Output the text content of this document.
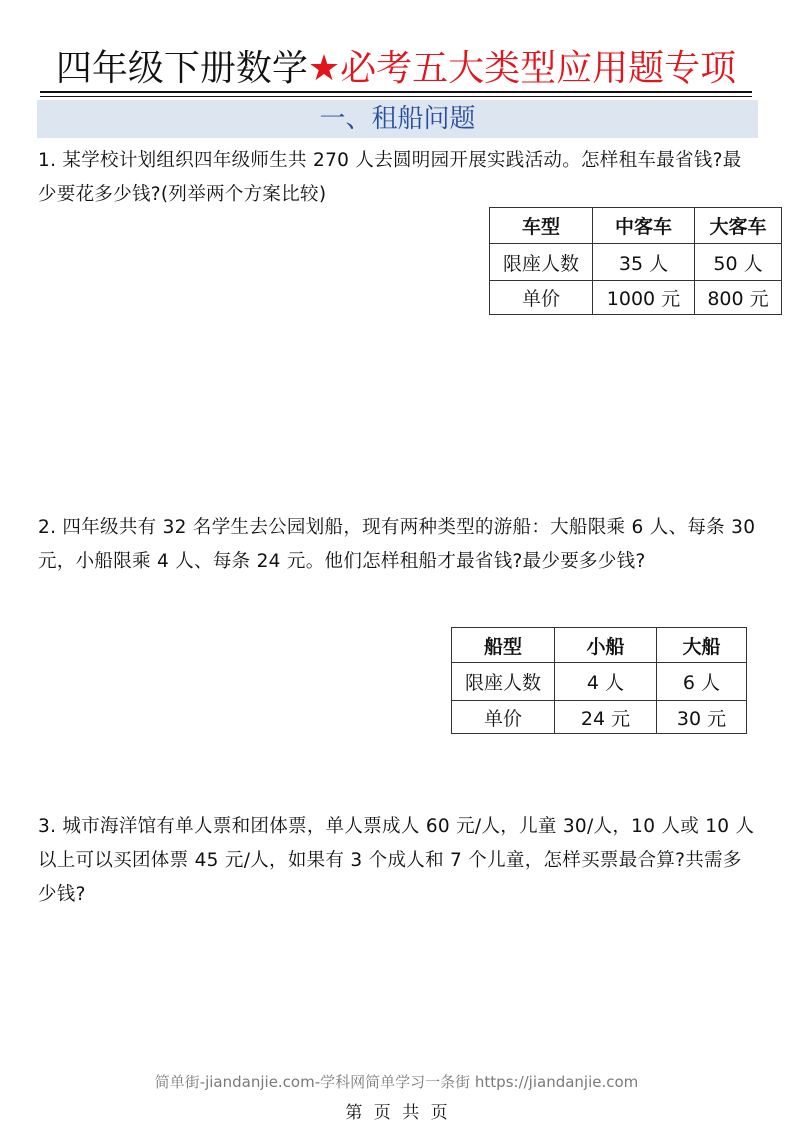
四年级下册数学★必考五大类型应用题专项
一、租船问题
1. 某学校计划组织四年级师生共 270 人去圆明园开展实践活动。怎样租车最省钱?最少要花多少钱?(列举两个方案比较)
车型	中客车	大客车
限座人数	35 人	50 人
单价	1000 元	800 元
2. 四年级共有 32 名学生去公园划船，现有两种类型的游船：大船限乘 6 人、每条 30 元，小船限乘 4 人、每条 24 元。他们怎样租船才最省钱?最少要多少钱?
船型	小船	大船
限座人数	4 人	6 人
单价	24 元	30 元
3. 城市海洋馆有单人票和团体票，单人票成人 60 元/人，儿童 30/人，10 人或 10 人以上可以买团体票 45 元/人，如果有 3 个成人和 7 个儿童，怎样买票最合算?共需多少钱?
简单街-jiandanjie.com-学科网简单学习一条街 https://jiandanjie.com
第 页 共 页
